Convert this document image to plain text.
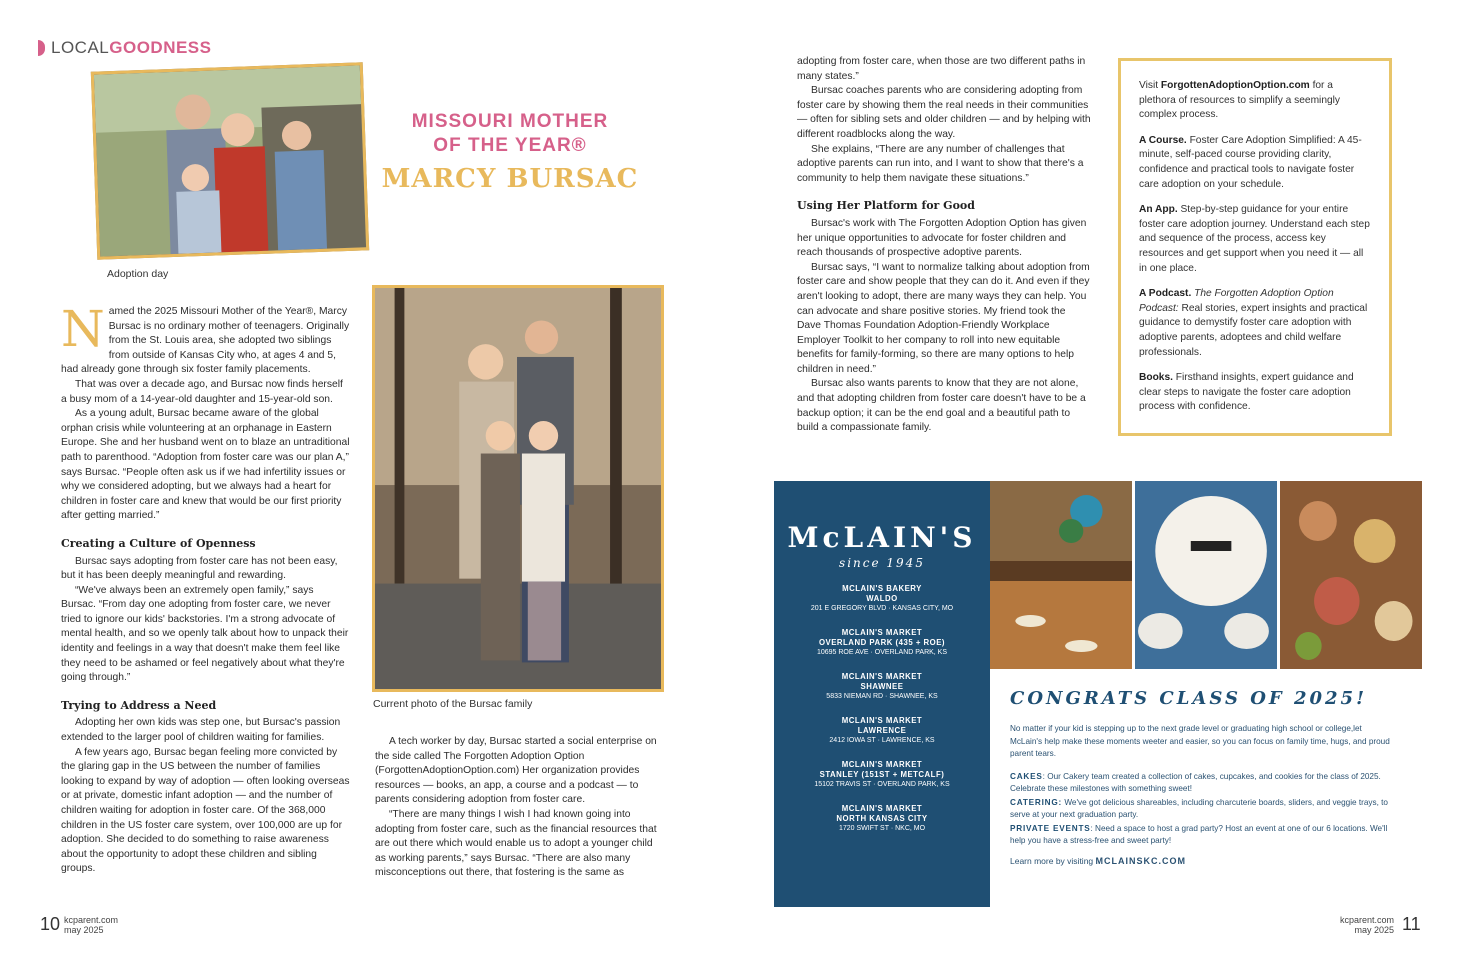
LOCAL GOODNESS
Adoption day
MISSOURI MOTHER
OF THE YEAR®
MARCY BURSAC
Current photo of the Bursac family

Named the 2025 Missouri Mother of the Year®, Marcy Bursac is no ordinary mother of teenagers. Originally from the St. Louis area, she adopted two siblings from outside of Kansas City who, at ages 4 and 5, had already gone through six foster family placements.

That was over a decade ago, and Bursac now finds herself a busy mom of a 14-year-old daughter and 15-year-old son.

As a young adult, Bursac became aware of the global orphan crisis while volunteering at an orphanage in Eastern Europe. She and her husband went on to blaze an untraditional path to parenthood. “Adoption from foster care was our plan A,” says Bursac. “People often ask us if we had infertility issues or why we considered adopting, but we always had a heart for children in foster care and knew that would be our first priority after getting married.”

Creating a Culture of Openness

Bursac says adopting from foster care has not been easy, but it has been deeply meaningful and rewarding.

“We've always been an extremely open family,” says Bursac. “From day one adopting from foster care, we never tried to ignore our kids' backstories. I'm a strong advocate of mental health, and so we openly talk about how to unpack their identity and feelings in a way that doesn't make them feel like they need to be ashamed or feel negatively about what they're going through.”

Trying to Address a Need

Adopting her own kids was step one, but Bursac's passion extended to the larger pool of children waiting for families.

A few years ago, Bursac began feeling more convicted by the glaring gap in the US between the number of families looking to expand by way of adoption — often looking overseas or at private, domestic infant adoption — and the number of children waiting for adoption in foster care. Of the 368,000 children in the US foster care system, over 100,000 are up for adoption. She decided to do something to raise awareness about the opportunity to adopt these children and sibling groups.

A tech worker by day, Bursac started a social enterprise on the side called The Forgotten Adoption Option (ForgottenAdoptionOption.com) Her organization provides resources — books, an app, a course and a podcast — to parents considering adoption from foster care.

“There are many things I wish I had known going into adopting from foster care, such as the financial resources that are out there which would enable us to adopt a younger child as working parents,” says Bursac. “There are also many misconceptions out there, that fostering is the same as

adopting from foster care, when those are two different paths in many states.”

Bursac coaches parents who are considering adopting from foster care by showing them the real needs in their communities — often for sibling sets and older children — and by helping with different roadblocks along the way.

She explains, “There are any number of challenges that adoptive parents can run into, and I want to show that there's a community to help them navigate these situations.”

Using Her Platform for Good

Bursac's work with The Forgotten Adoption Option has given her unique opportunities to advocate for foster children and reach thousands of prospective adoptive parents.

Bursac says, “I want to normalize talking about adoption from foster care and show people that they can do it. And even if they aren't looking to adopt, there are many ways they can help. You can advocate and share positive stories. My friend took the Dave Thomas Foundation Adoption-Friendly Workplace Employer Toolkit to her company to roll into new equitable benefits for family-forming, so there are many options to help children in need.”

Bursac also wants parents to know that they are not alone, and that adopting children from foster care doesn't have to be a backup option; it can be the end goal and a beautiful path to build a compassionate family.

Visit ForgottenAdoptionOption.com for a plethora of resources to simplify a seemingly complex process.

A Course. Foster Care Adoption Simplified: A 45-minute, self-paced course providing clarity, confidence and practical tools to navigate foster care adoption on your schedule.

An App. Step-by-step guidance for your entire foster care adoption journey. Understand each step and sequence of the process, access key resources and get support when you need it — all in one place.

A Podcast. The Forgotten Adoption Option Podcast: Real stories, expert insights and practical guidance to demystify foster care adoption with adoptive parents, adoptees and child welfare professionals.

Books. Firsthand insights, expert guidance and clear steps to navigate the foster care adoption process with confidence.

McLAIN'S
since 1945
MCLAIN'S BAKERY
WALDO
201 E GREGORY BLVD · KANSAS CITY, MO
MCLAIN'S MARKET
OVERLAND PARK (435 + ROE)
10695 ROE AVE · OVERLAND PARK, KS
MCLAIN'S MARKET
SHAWNEE
5833 NIEMAN RD · SHAWNEE, KS
MCLAIN'S MARKET
LAWRENCE
2412 IOWA ST · LAWRENCE, KS
MCLAIN'S MARKET
STANLEY (151ST + METCALF)
15102 TRAVIS ST · OVERLAND PARK, KS
MCLAIN'S MARKET
NORTH KANSAS CITY
1720 SWIFT ST · NKC, MO
CONGRATS CLASS OF 2025!

No matter if your kid is stepping up to the next grade level or graduating high school or college,let McLain's help make these moments weeter and easier, so you can focus on family time, hugs, and proud parent tears.

CAKES: Our Cakery team created a collection of cakes, cupcakes, and cookies for the class of 2025. Celebrate these milestones with something sweet!
CATERING: We've got delicious shareables, including charcuterie boards, sliders, and veggie trays, to serve at your next graduation party.
PRIVATE EVENTS: Need a space to host a grad party? Host an event at one of our 6 locations. We'll help you have a stress-free and sweet party!
Learn more by visiting MCLAINSKC.COM
10 kcparent.com
may 2025
kcparent.com
may 2025 11
